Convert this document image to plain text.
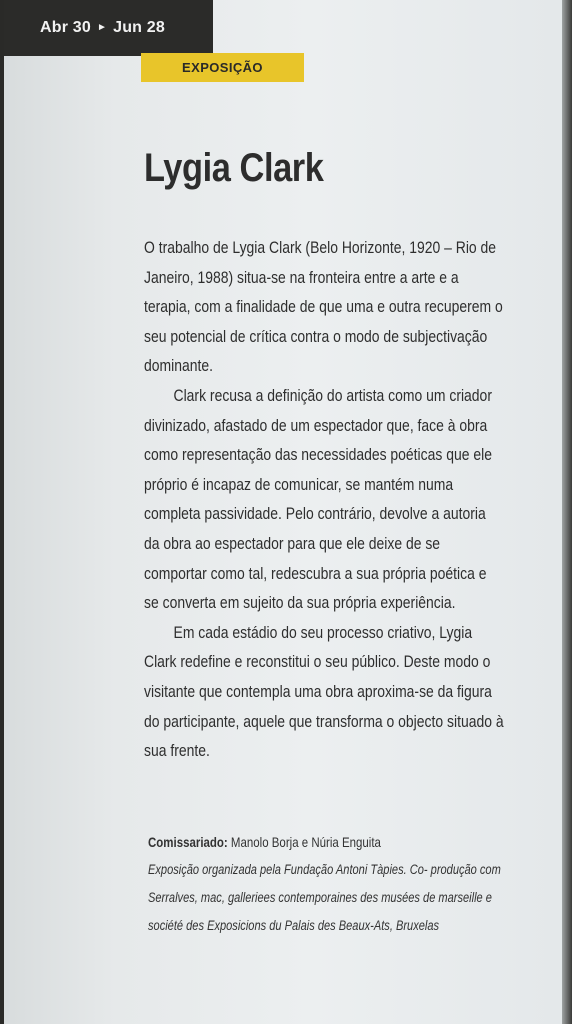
Abr 30 ► Jun 28
EXPOSIÇÃO
Lygia Clark

O trabalho de Lygia Clark (Belo Horizonte, 1920 – Rio de Janeiro, 1988) situa-se na fronteira entre a arte e a terapia, com a finalidade de que uma e outra recuperem o seu potencial de crítica contra o modo de subjectivação dominante.

Clark recusa a definição do artista como um criador divinizado, afastado de um espectador que, face à obra como representação das necessidades poéticas que ele próprio é incapaz de comunicar, se mantém numa completa passividade. Pelo contrário, devolve a autoria da obra ao espectador para que ele deixe de se comportar como tal, redescubra a sua própria poética e se converta em sujeito da sua própria experiência.

Em cada estádio do seu processo criativo, Lygia Clark redefine e reconstitui o seu público. Deste modo o visitante que contempla uma obra aproxima-se da figura do participante, aquele que transforma o objecto situado à sua frente.

Comissariado: Manolo Borja e Núria Enguita
Exposição organizada pela Fundação Antoni Tàpies. Co- produção com Serralves, mac, gallerieеs contemporaines des musées de marseille e société des Exposicions du Palais des Beaux-Ats, Bruxelas
